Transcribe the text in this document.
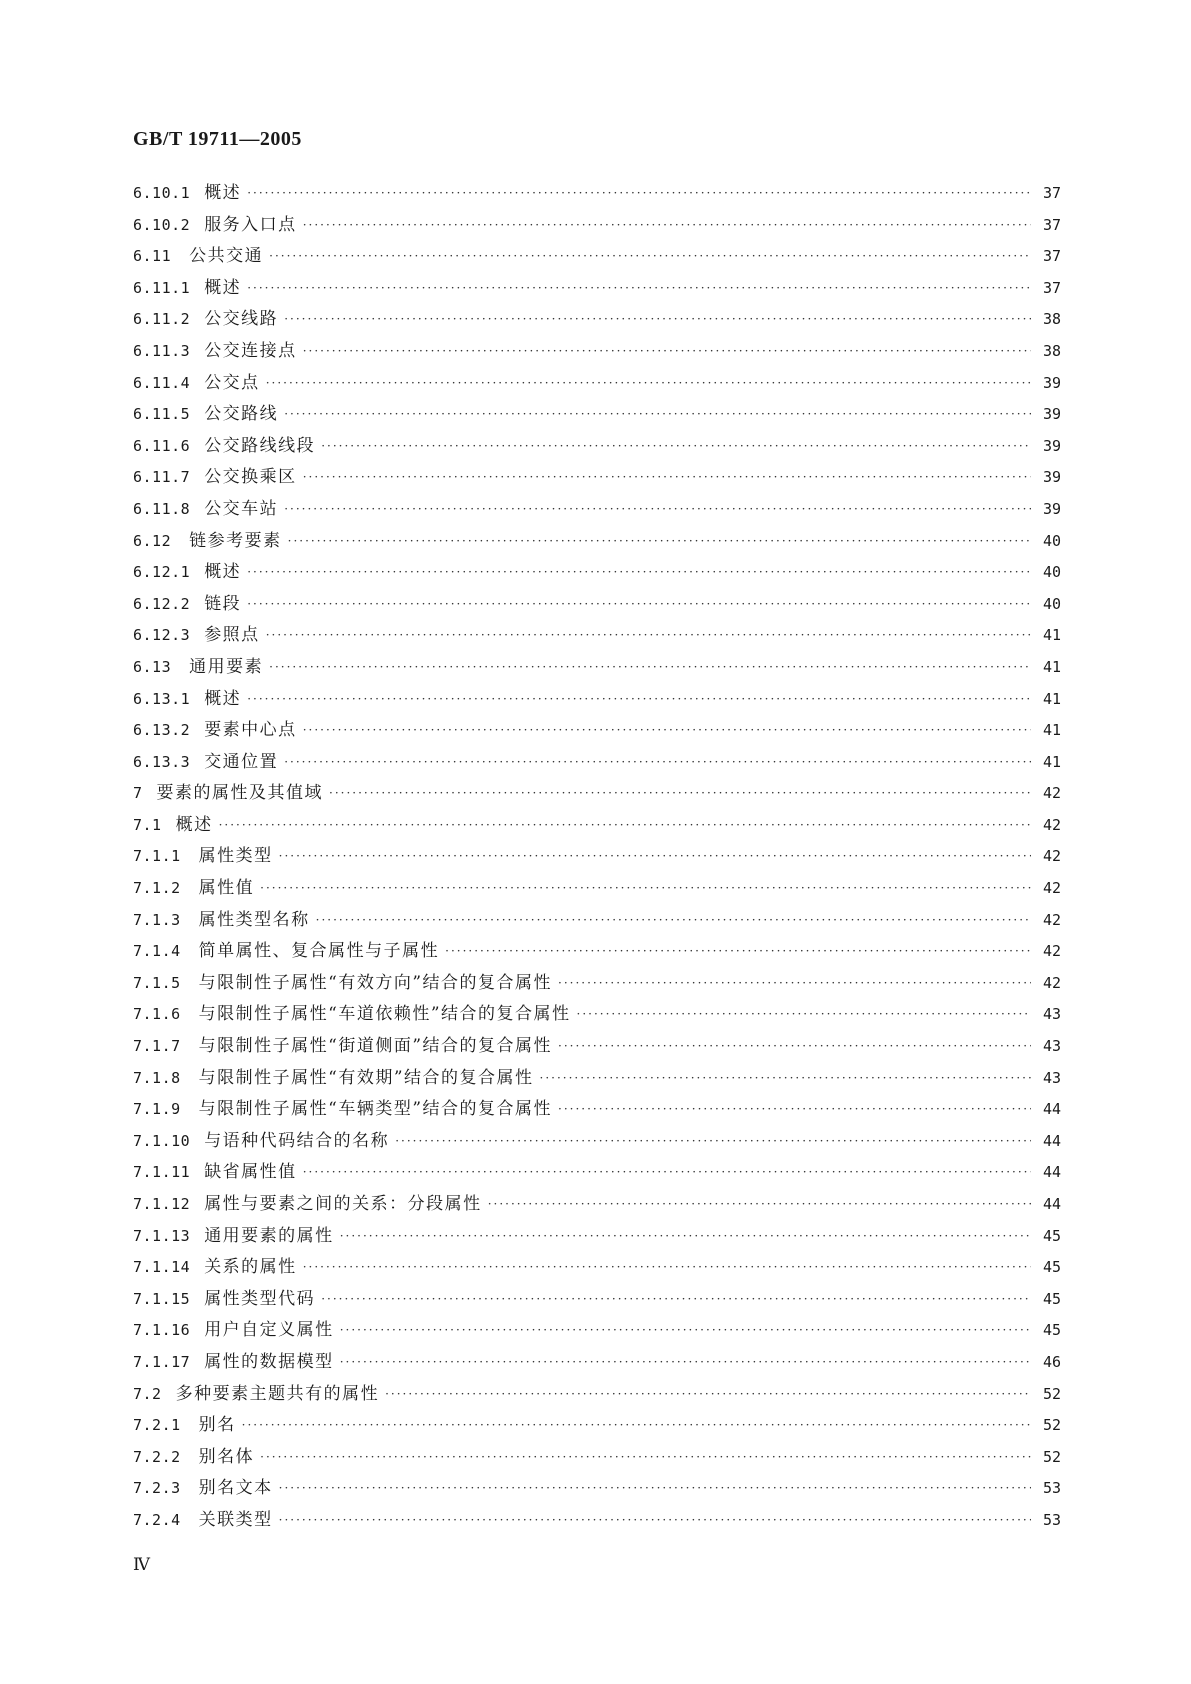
GB/T 19711—2005
6.10.1 概述 ·····	37
6.10.2 服务入口点 ·····	37
6.11 公共交通 ·····	37
6.11.1 概述 ·····	37
6.11.2 公交线路 ·····	38
6.11.3 公交连接点 ·····	38
6.11.4 公交点 ·····	39
6.11.5 公交路线 ·····	39
6.11.6 公交路线线段 ·····	39
6.11.7 公交换乘区 ·····	39
6.11.8 公交车站 ·····	39
6.12 链参考要素 ·····	40
6.12.1 概述 ·····	40
6.12.2 链段 ·····	40
6.12.3 参照点 ·····	41
6.13 通用要素 ·····	41
6.13.1 概述 ·····	41
6.13.2 要素中心点 ·····	41
6.13.3 交通位置 ·····	41
7 要素的属性及其值域 ·····	42
7.1 概述 ·····	42
7.1.1 属性类型 ·····	42
7.1.2 属性值 ·····	42
7.1.3 属性类型名称 ·····	42
7.1.4 简单属性、复合属性与子属性 ·····	42
7.1.5 与限制性子属性“有效方向”结合的复合属性 ·····	42
7.1.6 与限制性子属性“车道依赖性”结合的复合属性 ·····	43
7.1.7 与限制性子属性“街道侧面”结合的复合属性 ·····	43
7.1.8 与限制性子属性“有效期”结合的复合属性 ·····	43
7.1.9 与限制性子属性“车辆类型”结合的复合属性 ·····	44
7.1.10 与语种代码结合的名称 ·····	44
7.1.11 缺省属性值 ·····	44
7.1.12 属性与要素之间的关系：分段属性 ·····	44
7.1.13 通用要素的属性 ·····	45
7.1.14 关系的属性 ·····	45
7.1.15 属性类型代码 ·····	45
7.1.16 用户自定义属性 ·····	45
7.1.17 属性的数据模型 ·····	46
7.2 多种要素主题共有的属性 ·····	52
7.2.1 别名 ·····	52
7.2.2 别名体 ·····	52
7.2.3 别名文本 ·····	53
7.2.4 关联类型 ·····	53
Ⅳ
